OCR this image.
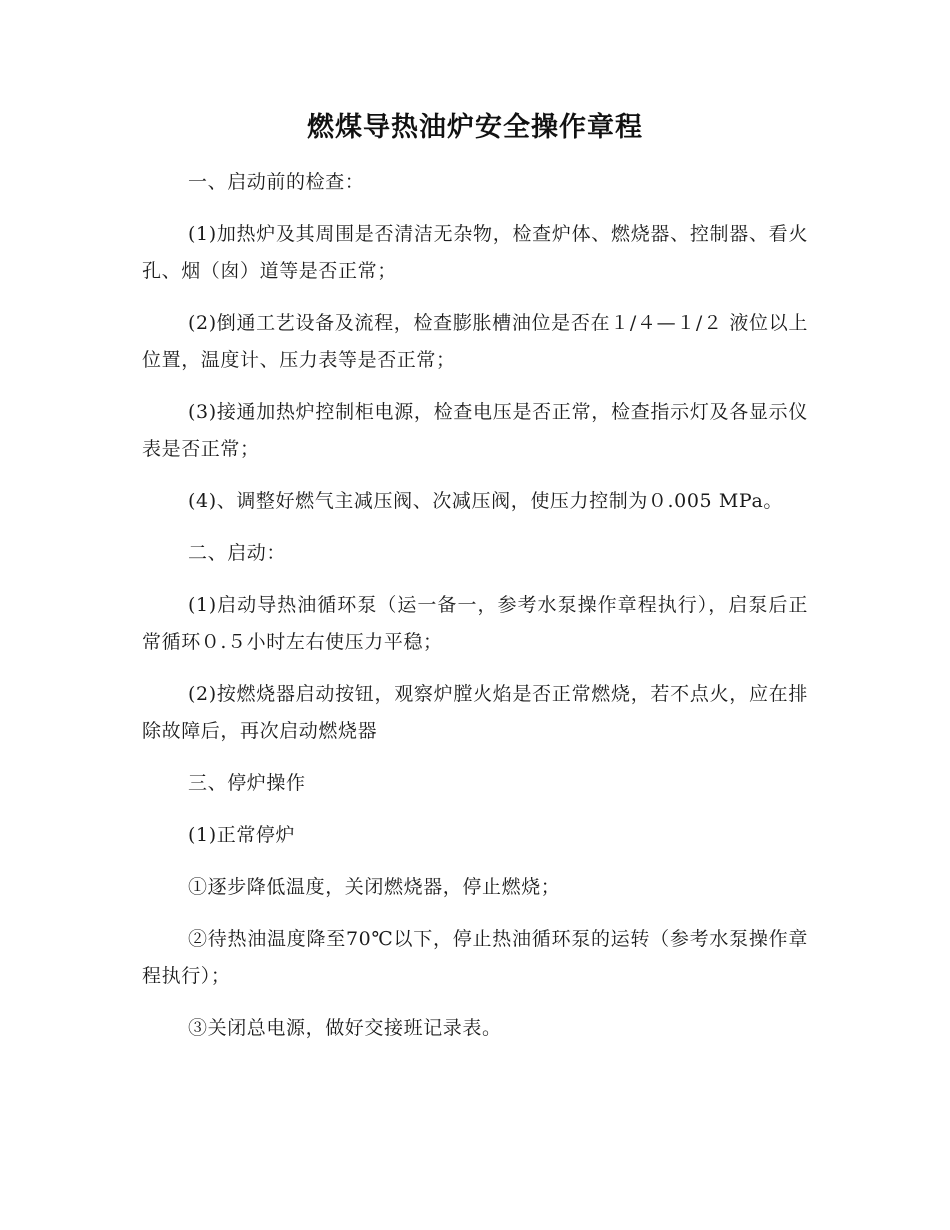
燃煤导热油炉安全操作章程

一、启动前的检查：

(1)加热炉及其周围是否清洁无杂物，检查炉体、燃烧器、控制器、看火孔、烟（囱）道等是否正常；

(2)倒通工艺设备及流程，检查膨胀槽油位是否在１/４—１/２ 液位以上位置，温度计、压力表等是否正常；

(3)接通加热炉控制柜电源，检查电压是否正常，检查指示灯及各显示仪表是否正常；

(4)、调整好燃气主减压阀、次减压阀，使压力控制为０.005 MPa。

二、启动：

(1)启动导热油循环泵（运一备一，参考水泵操作章程执行），启泵后正常循环０.５小时左右使压力平稳；

(2)按燃烧器启动按钮，观察炉膛火焰是否正常燃烧，若不点火，应在排除故障后，再次启动燃烧器

三、停炉操作

(1)正常停炉

①逐步降低温度，关闭燃烧器，停止燃烧；

②待热油温度降至70℃以下，停止热油循环泵的运转（参考水泵操作章程执行）；

③关闭总电源，做好交接班记录表。
